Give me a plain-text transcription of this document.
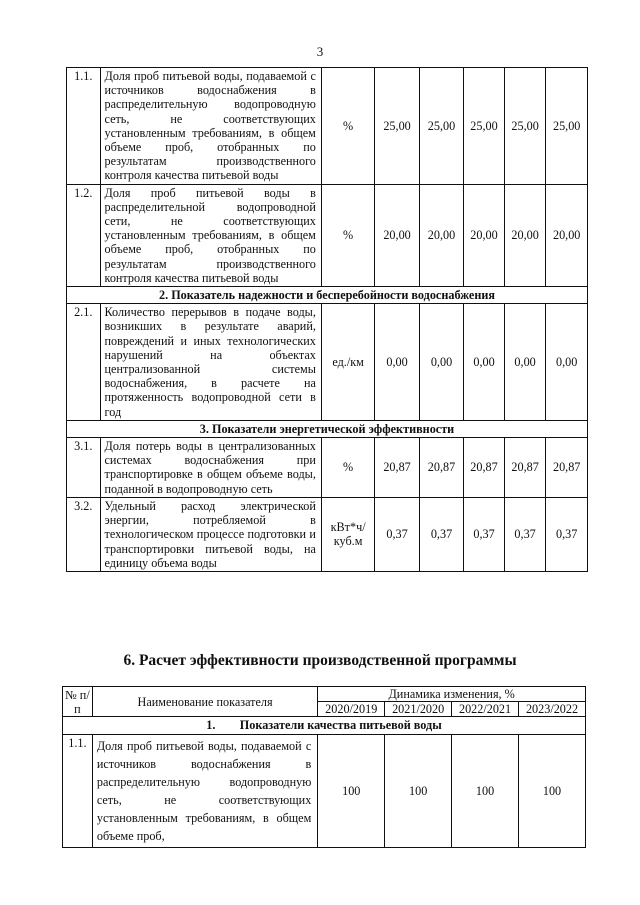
3
1.1.	Доля проб питьевой воды, подаваемой с источников водоснабжения в распределительную водопроводную сеть, не соответствующих установленным требованиям, в общем объеме проб, отобранных по результатам производственного контроля качества питьевой воды	%	25,00	25,00	25,00	25,00	25,00
1.2.	Доля проб питьевой воды в распределительной водопроводной сети, не соответствующих установленным требованиям, в общем объеме проб, отобранных по результатам производственного контроля качества питьевой воды	%	20,00	20,00	20,00	20,00	20,00
2. Показатель надежности и бесперебойности водоснабжения							
2.1.	Количество перерывов в подаче воды, возникших в результате аварий, повреждений и иных технологических нарушений на объектах централизованной системы водоснабжения, в расчете на протяженность водопроводной сети в год	ед./км	0,00	0,00	0,00	0,00	0,00
3. Показатели энергетической эффективности							
3.1.	Доля потерь воды в централизованных системах водоснабжения при транспортировке в общем объеме воды, поданной в водопроводную сеть	%	20,87	20,87	20,87	20,87	20,87
3.2.	Удельный расход электрической энергии, потребляемой в технологическом процессе подготовки и транспортировки питьевой воды, на единицу объема воды	кВт*ч/ куб.м	0,37	0,37	0,37	0,37	0,37
6. Расчет эффективности производственной программы
№ п/п	Наименование показателя	Динамика изменения, %			
		2020/2019	2021/2020	2022/2021	2023/2022
1.        Показатели качества питьевой воды					
1.1.	Доля проб питьевой воды, подаваемой с источников водоснабжения в распределительную водопроводную сеть, не соответствующих установленным требованиям, в общем объеме проб,	100	100	100	100
